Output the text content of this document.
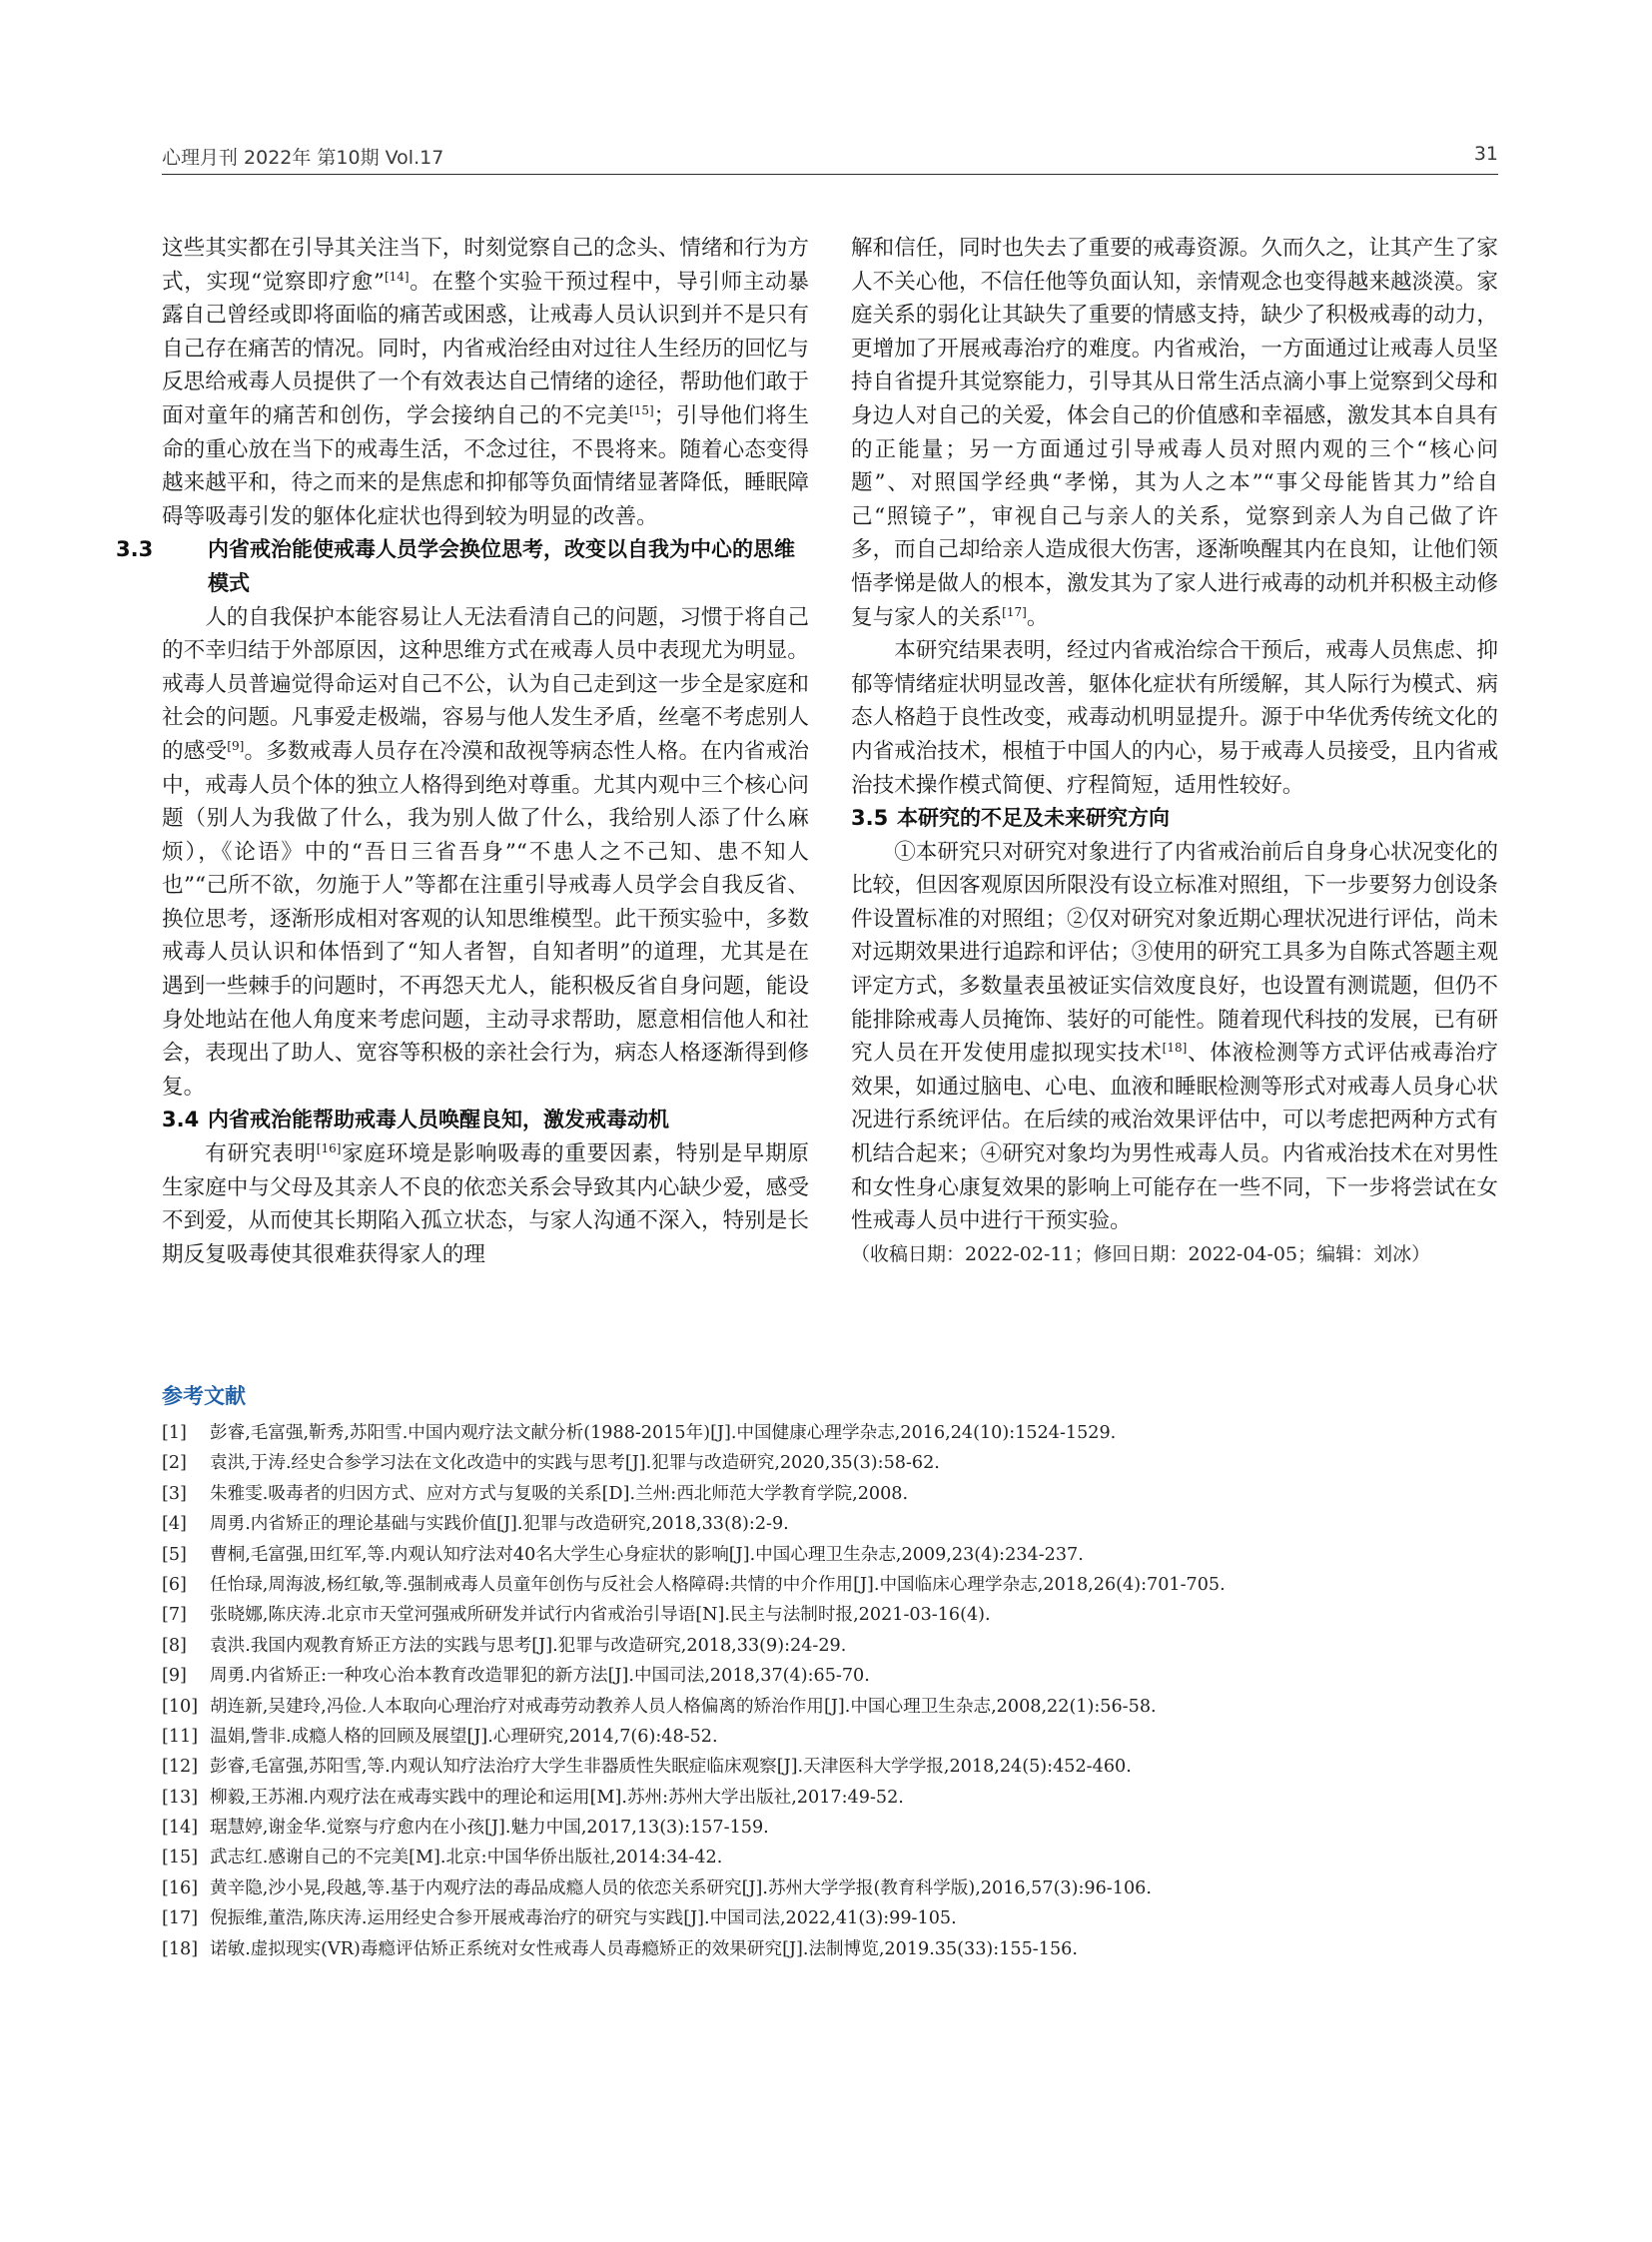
心理月刊 2022年 第10期 Vol.17	31

这些其实都在引导其关注当下，时刻觉察自己的念头、情绪和行为方式，实现“觉察即疗愈”[14]。在整个实验干预过程中，导引师主动暴露自己曾经或即将面临的痛苦或困惑，让戒毒人员认识到并不是只有自己存在痛苦的情况。同时，内省戒治经由对过往人生经历的回忆与反思给戒毒人员提供了一个有效表达自己情绪的途径，帮助他们敢于面对童年的痛苦和创伤，学会接纳自己的不完美[15]；引导他们将生命的重心放在当下的戒毒生活，不念过往，不畏将来。随着心态变得越来越平和，待之而来的是焦虑和抑郁等负面情绪显著降低，睡眠障碍等吸毒引发的躯体化症状也得到较为明显的改善。

3.3	内省戒治能使戒毒人员学会换位思考，改变以自我为中心的思维模式

人的自我保护本能容易让人无法看清自己的问题，习惯于将自己的不幸归结于外部原因，这种思维方式在戒毒人员中表现尤为明显。戒毒人员普遍觉得命运对自己不公，认为自己走到这一步全是家庭和社会的问题。凡事爱走极端，容易与他人发生矛盾，丝毫不考虑别人的感受[9]。多数戒毒人员存在冷漠和敌视等病态性人格。在内省戒治中，戒毒人员个体的独立人格得到绝对尊重。尤其内观中三个核心问题（别人为我做了什么，我为别人做了什么，我给别人添了什么麻烦），《论语》中的“吾日三省吾身”“不患人之不己知、患不知人也”“己所不欲，勿施于人”等都在注重引导戒毒人员学会自我反省、换位思考，逐渐形成相对客观的认知思维模型。此干预实验中，多数戒毒人员认识和体悟到了“知人者智，自知者明”的道理，尤其是在遇到一些棘手的问题时，不再怨天尤人，能积极反省自身问题，能设身处地站在他人角度来考虑问题，主动寻求帮助，愿意相信他人和社会，表现出了助人、宽容等积极的亲社会行为，病态人格逐渐得到修复。

3.4 内省戒治能帮助戒毒人员唤醒良知，激发戒毒动机

有研究表明[16]家庭环境是影响吸毒的重要因素，特别是早期原生家庭中与父母及其亲人不良的依恋关系会导致其内心缺少爱，感受不到爱，从而使其长期陷入孤立状态，与家人沟通不深入，特别是长期反复吸毒使其很难获得家人的理

解和信任，同时也失去了重要的戒毒资源。久而久之，让其产生了家人不关心他，不信任他等负面认知，亲情观念也变得越来越淡漠。家庭关系的弱化让其缺失了重要的情感支持，缺少了积极戒毒的动力，更增加了开展戒毒治疗的难度。内省戒治，一方面通过让戒毒人员坚持自省提升其觉察能力，引导其从日常生活点滴小事上觉察到父母和身边人对自己的关爱，体会自己的价值感和幸福感，激发其本自具有的正能量；另一方面通过引导戒毒人员对照内观的三个“核心问题”、对照国学经典“孝悌，其为人之本”“事父母能皆其力”给自己“照镜子”，审视自己与亲人的关系，觉察到亲人为自己做了许多，而自己却给亲人造成很大伤害，逐渐唤醒其内在良知，让他们领悟孝悌是做人的根本，激发其为了家人进行戒毒的动机并积极主动修复与家人的关系[17]。

本研究结果表明，经过内省戒治综合干预后，戒毒人员焦虑、抑郁等情绪症状明显改善，躯体化症状有所缓解，其人际行为模式、病态人格趋于良性改变，戒毒动机明显提升。源于中华优秀传统文化的内省戒治技术，根植于中国人的内心，易于戒毒人员接受，且内省戒治技术操作模式简便、疗程简短，适用性较好。

3.5 本研究的不足及未来研究方向

①本研究只对研究对象进行了内省戒治前后自身身心状况变化的比较，但因客观原因所限没有设立标准对照组，下一步要努力创设条件设置标准的对照组；②仅对研究对象近期心理状况进行评估，尚未对远期效果进行追踪和评估；③使用的研究工具多为自陈式答题主观评定方式，多数量表虽被证实信效度良好，也设置有测谎题，但仍不能排除戒毒人员掩饰、装好的可能性。随着现代科技的发展，已有研究人员在开发使用虚拟现实技术[18]、体液检测等方式评估戒毒治疗效果，如通过脑电、心电、血液和睡眠检测等形式对戒毒人员身心状况进行系统评估。在后续的戒治效果评估中，可以考虑把两种方式有机结合起来；④研究对象均为男性戒毒人员。内省戒治技术在对男性和女性身心康复效果的影响上可能存在一些不同，下一步将尝试在女性戒毒人员中进行干预实验。

（收稿日期：2022-02-11；修回日期：2022-04-05；编辑：刘冰）

参考文献
[1] 彭睿,毛富强,靳秀,苏阳雪.中国内观疗法文献分析(1988-2015年)[J].中国健康心理学杂志,2016,24(10):1524-1529.
[2] 袁洪,于涛.经史合参学习法在文化改造中的实践与思考[J].犯罪与改造研究,2020,35(3):58-62.
[3] 朱雅雯.吸毒者的归因方式、应对方式与复吸的关系[D].兰州:西北师范大学教育学院,2008.
[4] 周勇.内省矫正的理论基础与实践价值[J].犯罪与改造研究,2018,33(8):2-9.
[5] 曹桐,毛富强,田红军,等.内观认知疗法对40名大学生心身症状的影响[J].中国心理卫生杂志,2009,23(4):234-237.
[6] 任怡琭,周海波,杨红敏,等.强制戒毒人员童年创伤与反社会人格障碍:共情的中介作用[J].中国临床心理学杂志,2018,26(4):701-705.
[7] 张晓娜,陈庆涛.北京市天堂河强戒所研发并试行内省戒治引导语[N].民主与法制时报,2021-03-16(4).
[8] 袁洪.我国内观教育矫正方法的实践与思考[J].犯罪与改造研究,2018,33(9):24-29.
[9] 周勇.内省矫正:一种攻心治本教育改造罪犯的新方法[J].中国司法,2018,37(4):65-70.
[10] 胡连新,吴建玲,冯俭.人本取向心理治疗对戒毒劳动教养人员人格偏离的矫治作用[J].中国心理卫生杂志,2008,22(1):56-58.
[11] 温娟,訾非.成瘾人格的回顾及展望[J].心理研究,2014,7(6):48-52.
[12] 彭睿,毛富强,苏阳雪,等.内观认知疗法治疗大学生非器质性失眠症临床观察[J].天津医科大学学报,2018,24(5):452-460.
[13] 柳毅,王苏湘.内观疗法在戒毒实践中的理论和运用[M].苏州:苏州大学出版社,2017:49-52.
[14] 琚慧婷,谢金华.觉察与疗愈内在小孩[J].魅力中国,2017,13(3):157-159.
[15] 武志红.感谢自己的不完美[M].北京:中国华侨出版社,2014:34-42.
[16] 黄辛隐,沙小晃,段越,等.基于内观疗法的毒品成瘾人员的依恋关系研究[J].苏州大学学报(教育科学版),2016,57(3):96-106.
[17] 倪振维,董浩,陈庆涛.运用经史合参开展戒毒治疗的研究与实践[J].中国司法,2022,41(3):99-105.
[18] 诺敏.虚拟现实(VR)毒瘾评估矫正系统对女性戒毒人员毒瘾矫正的效果研究[J].法制博览,2019.35(33):155-156.
